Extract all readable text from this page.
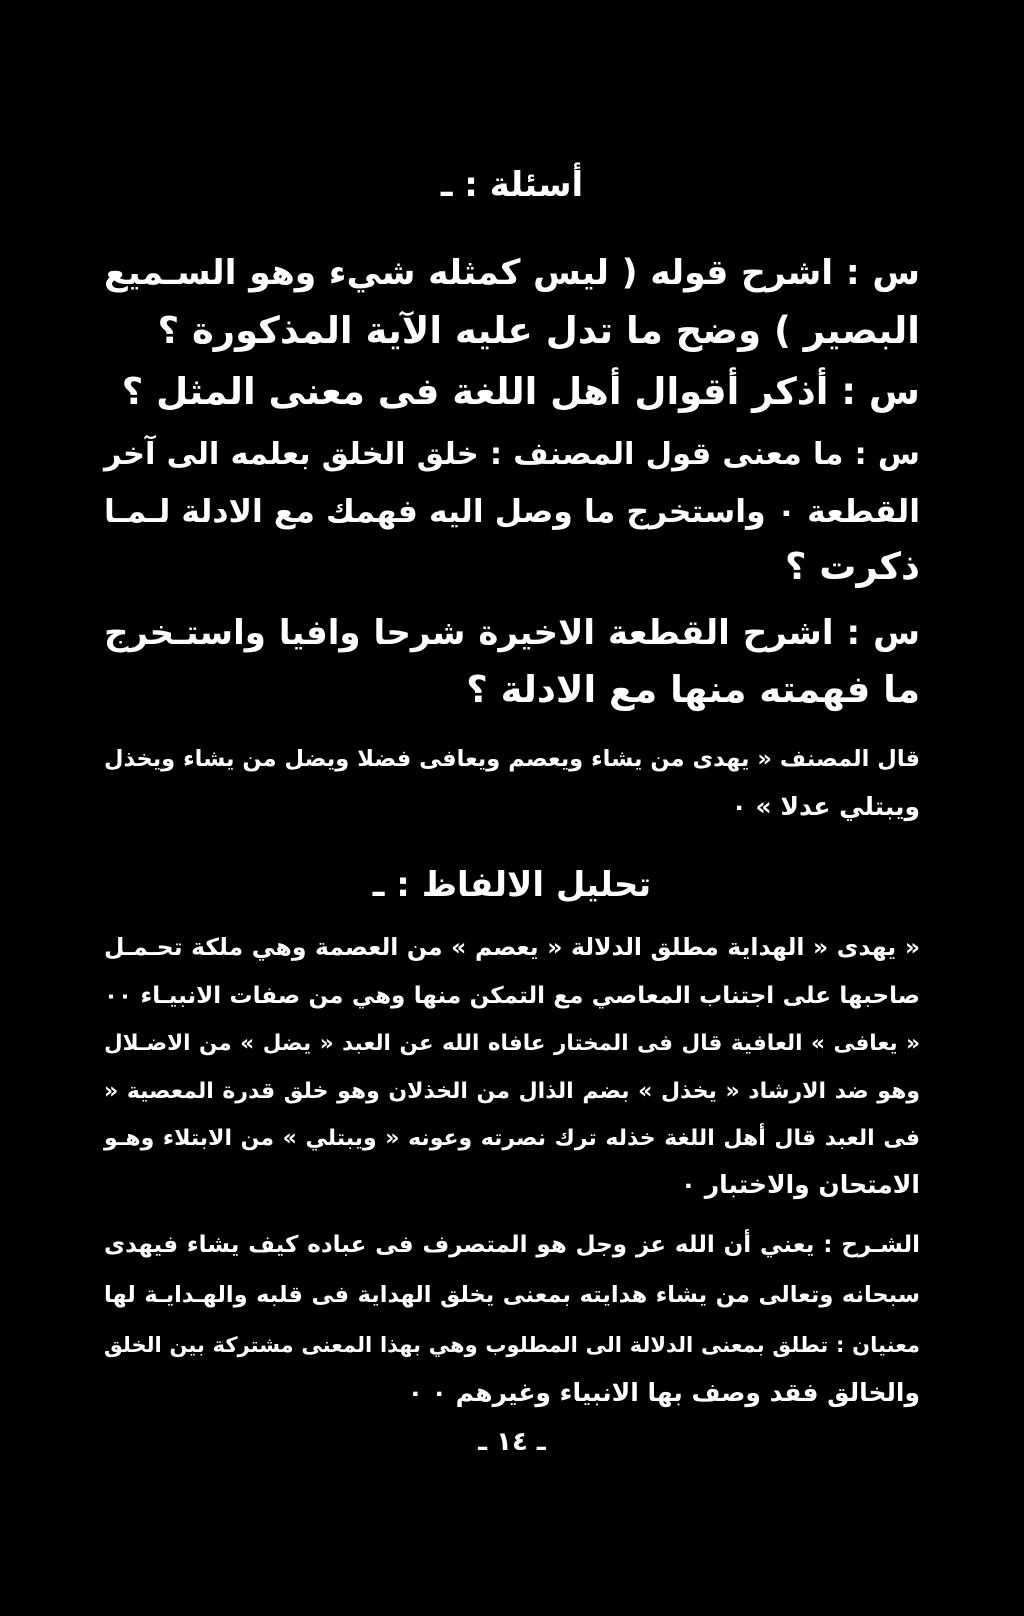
أسئلة : ـ
س : اشرح قوله ( ليس كمثله شيء وهو السـميع
البصير ) وضح ما تدل عليه الآية المذكورة ؟
س : أذكر أقوال أهل اللغة فى معنى المثل ؟
س : ما معنى قول المصنف : خلق الخلق بعلمه الى آخر
القطعة ٠ واستخرج ما وصل اليه فهمك مع الادلة لـمـا
ذكرت ؟
س : اشرح القطعة الاخيرة شرحا وافيا واستـخرج
ما فهمته منها مع الادلة ؟
قال المصنف « يهدى من يشاء ويعصم ويعافى فضلا ويضل من يشاء ويخذل
ويبتلي عدلا » ٠
تحليل الالفاظ : ـ
« يهدى « الهداية مطلق الدلالة « يعصم » من العصمة وهي ملكة تحـمـل
صاحبها على اجتناب المعاصي مع التمكن منها وهي من صفات الانبيـاء ٠٠
« يعافى » العافية قال فى المختار عافاه الله عن العبد « يضل » من الاضـلال
وهو ضد الارشاد « يخذل » بضم الذال من الخذلان وهو خلق قدرة المعصية «
فى العبد قال أهل اللغة خذله ترك نصرته وعونه « ويبتلي » من الابتلاء وهـو
الامتحان والاختبار ٠
الشـرح : يعني أن الله عز وجل هو المتصرف فى عباده كيف يشاء فيهدى
سبحانه وتعالى من يشاء هدايته بمعنى يخلق الهداية فى قلبه والهـدايـة لها
معنيان : تطلق بمعنى الدلالة الى المطلوب وهي بهذا المعنى مشتركة بين الخلق
والخالق فقد وصف بها الانبياء وغيرهم ٠ ٠
ـ ١٤ ـ
